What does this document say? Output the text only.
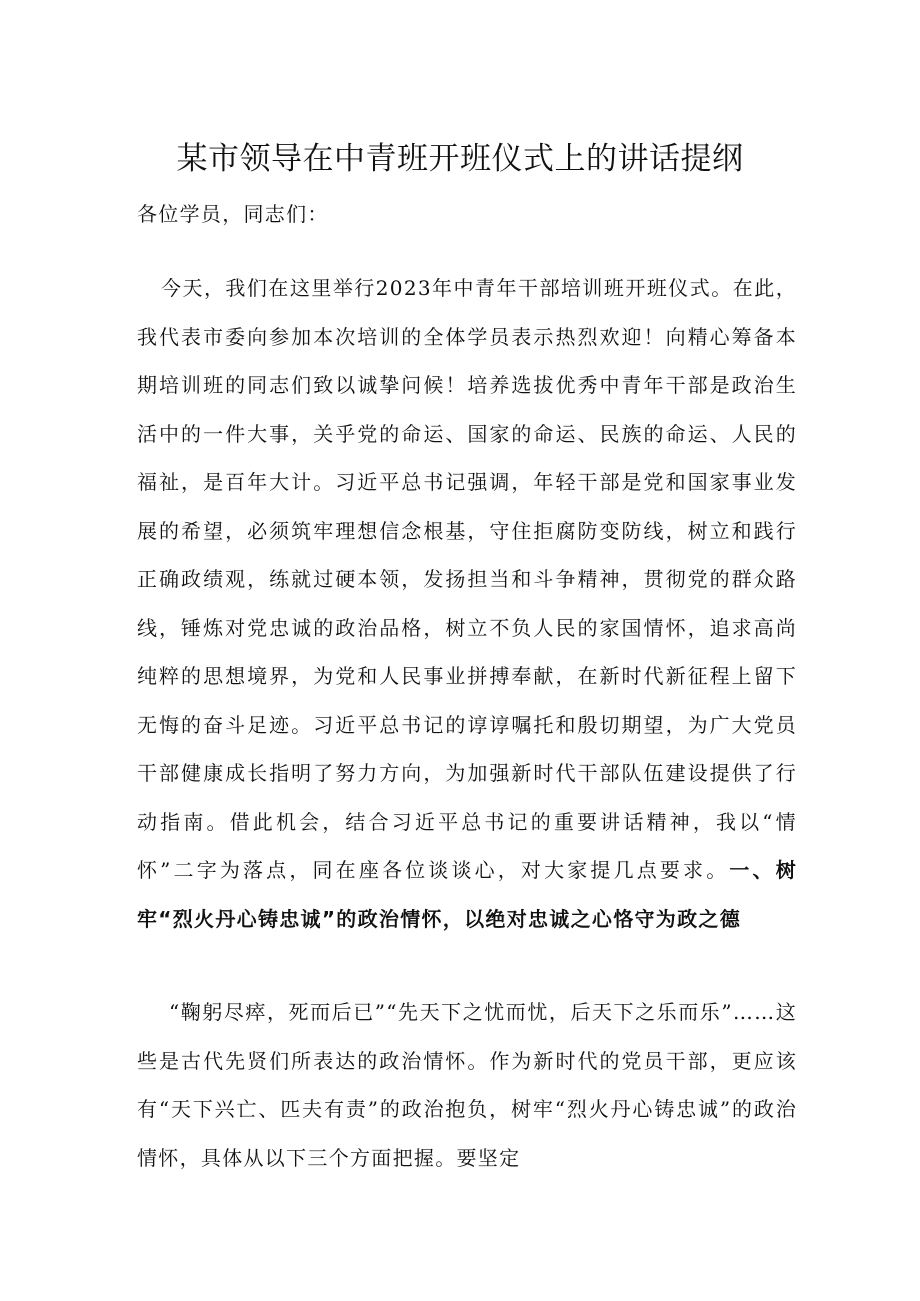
某市领导在中青班开班仪式上的讲话提纲

各位学员，同志们：

今天，我们在这里举行2023年中青年干部培训班开班仪式。在此，我代表市委向参加本次培训的全体学员表示热烈欢迎！向精心筹备本期培训班的同志们致以诚挚问候！培养选拔优秀中青年干部是政治生活中的一件大事，关乎党的命运、国家的命运、民族的命运、人民的福祉，是百年大计。习近平总书记强调，年轻干部是党和国家事业发展的希望，必须筑牢理想信念根基，守住拒腐防变防线，树立和践行正确政绩观，练就过硬本领，发扬担当和斗争精神，贯彻党的群众路线，锤炼对党忠诚的政治品格，树立不负人民的家国情怀，追求高尚纯粹的思想境界，为党和人民事业拼搏奉献，在新时代新征程上留下无悔的奋斗足迹。习近平总书记的谆谆嘱托和殷切期望，为广大党员干部健康成长指明了努力方向，为加强新时代干部队伍建设提供了行动指南。借此机会，结合习近平总书记的重要讲话精神，我以“情怀”二字为落点，同在座各位谈谈心，对大家提几点要求。一、树牢“烈火丹心铸忠诚”的政治情怀，以绝对忠诚之心恪守为政之德

“鞠躬尽瘁，死而后已”“先天下之忧而忧，后天下之乐而乐”……这些是古代先贤们所表达的政治情怀。作为新时代的党员干部，更应该有“天下兴亡、匹夫有责”的政治抱负，树牢“烈火丹心铸忠诚”的政治情怀，具体从以下三个方面把握。要坚定
